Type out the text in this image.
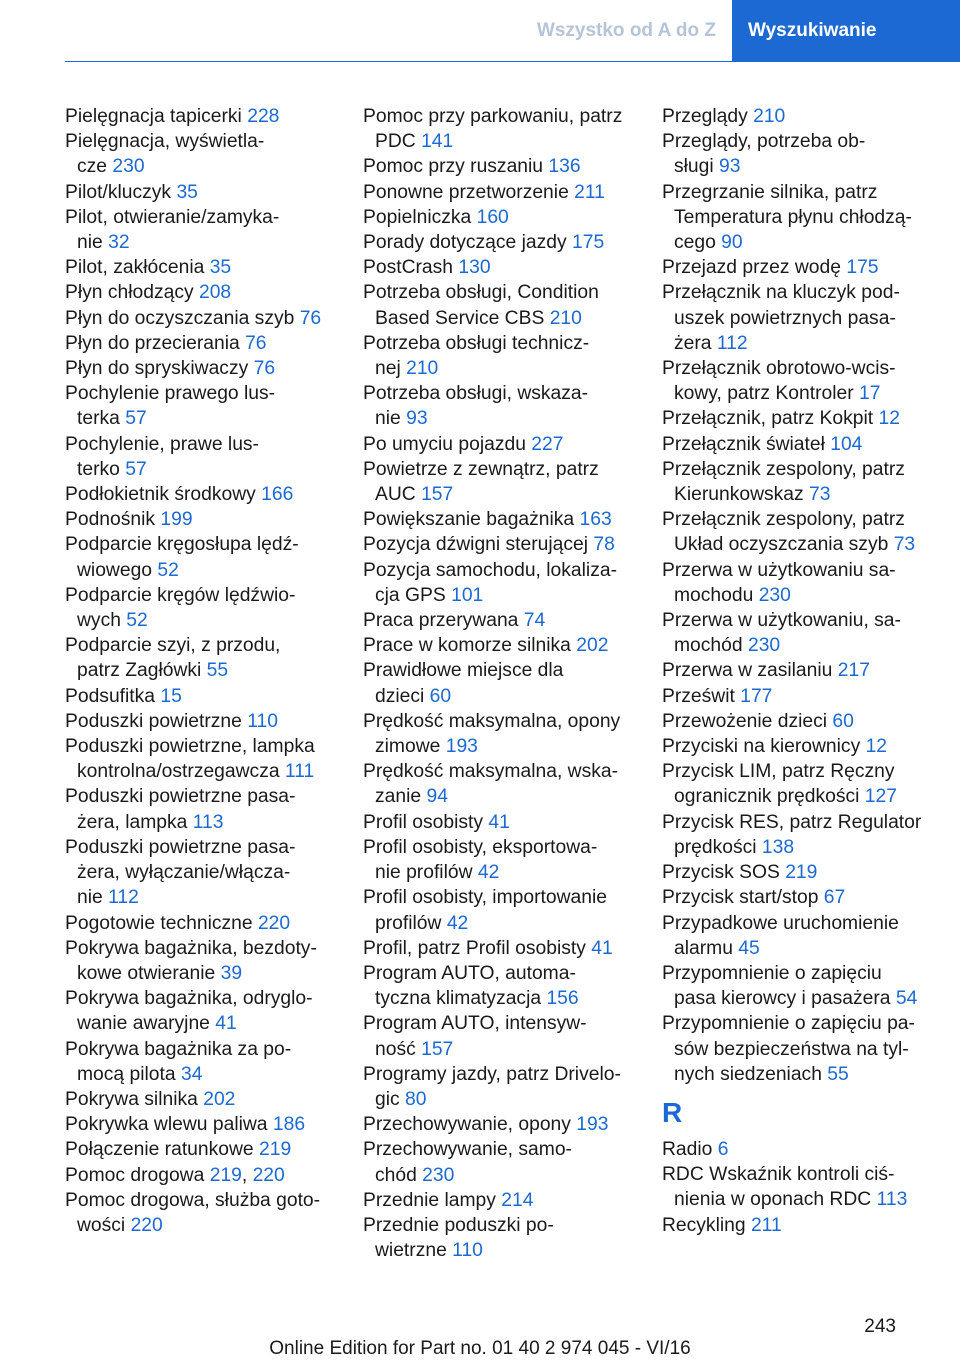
Wszystko od A do Z	Wyszukiwanie
Pielęgnacja tapicerki 228
Pielęgnacja, wyświetla-
cze 230
Pilot/kluczyk 35
Pilot, otwieranie/zamyka-
nie 32
Pilot, zakłócenia 35
Płyn chłodzący 208
Płyn do oczyszczania szyb 76
Płyn do przecierania 76
Płyn do spryskiwaczy 76
Pochylenie prawego lus-
terka 57
Pochylenie, prawe lus-
terko 57
Podłokietnik środkowy 166
Podnośnik 199
Podparcie kręgosłupa lędź-
wiowego 52
Podparcie kręgów lędźwio-
wych 52
Podparcie szyi, z przodu,
patrz Zagłówki 55
Podsufitka 15
Poduszki powietrzne 110
Poduszki powietrzne, lampka
kontrolna/ostrzegawcza 111
Poduszki powietrzne pasa-
żera, lampka 113
Poduszki powietrzne pasa-
żera, wyłączanie/włącza-
nie 112
Pogotowie techniczne 220
Pokrywa bagażnika, bezdoty-
kowe otwieranie 39
Pokrywa bagażnika, odryglo-
wanie awaryjne 41
Pokrywa bagażnika za po-
mocą pilota 34
Pokrywa silnika 202
Pokrywka wlewu paliwa 186
Połączenie ratunkowe 219
Pomoc drogowa 219, 220
Pomoc drogowa, służba goto-
wości 220
Pomoc przy parkowaniu, patrz
PDC 141
Pomoc przy ruszaniu 136
Ponowne przetworzenie 211
Popielniczka 160
Porady dotyczące jazdy 175
PostCrash 130
Potrzeba obsługi, Condition
Based Service CBS 210
Potrzeba obsługi technicz-
nej 210
Potrzeba obsługi, wskaza-
nie 93
Po umyciu pojazdu 227
Powietrze z zewnątrz, patrz
AUC 157
Powiększanie bagażnika 163
Pozycja dźwigni sterującej 78
Pozycja samochodu, lokaliza-
cja GPS 101
Praca przerywana 74
Prace w komorze silnika 202
Prawidłowe miejsce dla
dzieci 60
Prędkość maksymalna, opony
zimowe 193
Prędkość maksymalna, wska-
zanie 94
Profil osobisty 41
Profil osobisty, eksportowa-
nie profilów 42
Profil osobisty, importowanie
profilów 42
Profil, patrz Profil osobisty 41
Program AUTO, automa-
tyczna klimatyzacja 156
Program AUTO, intensyw-
ność 157
Programy jazdy, patrz Drivelo-
gic 80
Przechowywanie, opony 193
Przechowywanie, samo-
chód 230
Przednie lampy 214
Przednie poduszki po-
wietrzne 110
Przeglądy 210
Przeglądy, potrzeba ob-
sługi 93
Przegrzanie silnika, patrz
Temperatura płynu chłodzą-
cego 90
Przejazd przez wodę 175
Przełącznik na kluczyk pod-
uszek powietrznych pasa-
żera 112
Przełącznik obrotowo-wcis-
kowy, patrz Kontroler 17
Przełącznik, patrz Kokpit 12
Przełącznik świateł 104
Przełącznik zespolony, patrz
Kierunkowskaz 73
Przełącznik zespolony, patrz
Układ oczyszczania szyb 73
Przerwa w użytkowaniu sa-
mochodu 230
Przerwa w użytkowaniu, sa-
mochód 230
Przerwa w zasilaniu 217
Prześwit 177
Przewożenie dzieci 60
Przyciski na kierownicy 12
Przycisk LIM, patrz Ręczny
ogranicznik prędkości 127
Przycisk RES, patrz Regulator
prędkości 138
Przycisk SOS 219
Przycisk start/stop 67
Przypadkowe uruchomienie
alarmu 45
Przypomnienie o zapięciu
pasa kierowcy i pasażera 54
Przypomnienie o zapięciu pa-
sów bezpieczeństwa na tyl-
nych siedzeniach 55
R
Radio 6
RDC Wskaźnik kontroli ciś-
nienia w oponach RDC 113
Recykling 211
243
Online Edition for Part no. 01 40 2 974 045 - VI/16
